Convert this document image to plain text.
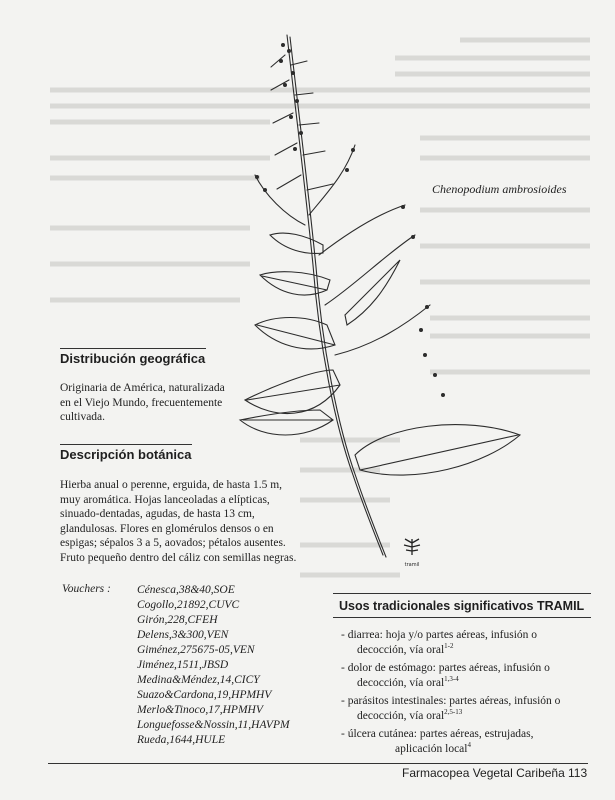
Chenopodium ambrosioides
tramil
Distribución geográfica
Originaria de América, naturalizada
en el Viejo Mundo, frecuentemente
cultivada.
Descripción botánica
Hierba anual o perenne, erguida, de hasta 1.5 m,
muy aromática. Hojas lanceoladas a elípticas,
sinuado-dentadas, agudas, de hasta 13 cm,
glandulosas. Flores en glomérulos densos o en
espigas; sépalos 3 a 5, aovados; pétalos ausentes.
Fruto pequeño dentro del cáliz con semillas negras.
Vouchers : Cénesca,38&40,SOE
Cogollo,21892,CUVC
Girón,228,CFEH
Delens,3&300,VEN
Giménez,275675-05,VEN
Jiménez,1511,JBSD
Medina&Méndez,14,CICY
Suazo&Cardona,19,HPMHV
Merlo&Tinoco,17,HPMHV
Longuefosse&Nossin,11,HAVPM
Rueda,1644,HULE
Usos tradicionales significativos TRAMIL
- diarrea: hoja y/o partes aéreas, infusión o
decocción, vía oral$^{1-2}$
- dolor de estómago: partes aéreas, infusión o
decocción, vía oral$^{1,3-4}$
- parásitos intestinales: partes aéreas, infusión o
decocción, vía oral$^{2,5-13}$
- úlcera cutánea: partes aéreas, estrujadas,
aplicación local$^4$
Farmacopea Vegetal Caribeña 113
